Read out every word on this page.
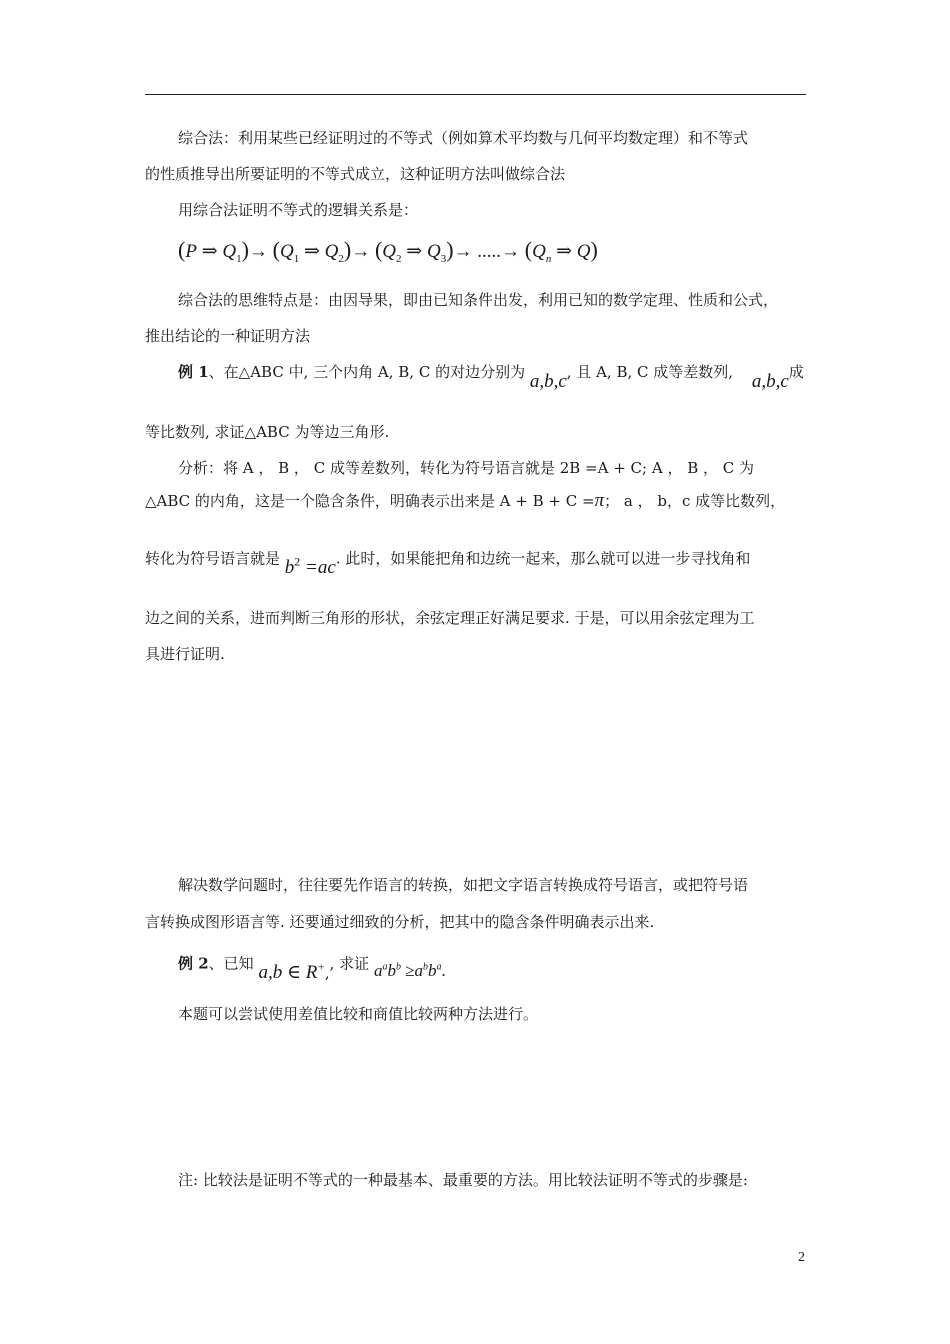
综合法：利用某些已经证明过的不等式（例如算术平均数与几何平均数定理）和不等式
的性质推导出所要证明的不等式成立，这种证明方法叫做综合法
用综合法证明不等式的逻辑关系是：
(P ⇒ $Q_1)\to (Q_1$ ⇒ $Q_2)\to (Q_2$ ⇒ $Q_3)\to$ .....→ ($Q_n$ ⇒ Q)
综合法的思维特点是：由因导果，即由已知条件出发，利用已知的数学定理、性质和公式，
推出结论的一种证明方法
例 1、在△ABC 中, 三个内角 A, B, C 的对边分别为 a,b,c, 且 A, B, C 成等差数列, a,b,c成
等比数列, 求证△ABC 为等边三角形.
分析：将 A ， B ， C 成等差数列，转化为符号语言就是 2B =A + C; A ， B ， C 为
△ABC 的内角，这是一个隐含条件，明确表示出来是 A + B + C =π； a ， b，c 成等比数列，
转化为符号语言就是 $b^2 =ac$. 此时，如果能把角和边统一起来，那么就可以进一步寻找角和
边之间的关系，进而判断三角形的形状，余弦定理正好满足要求. 于是，可以用余弦定理为工
具进行证明.
解决数学问题时，往往要先作语言的转换，如把文字语言转换成符号语言，或把符号语
言转换成图形语言等. 还要通过细致的分析，把其中的隐含条件明确表示出来.
例 2、已知 a,b ∈ R+,, 求证 $a^ab^b \ge a^bb^a$.
本题可以尝试使用差值比较和商值比较两种方法进行。
注: 比较法是证明不等式的一种最基本、最重要的方法。用比较法证明不等式的步骤是:
2
